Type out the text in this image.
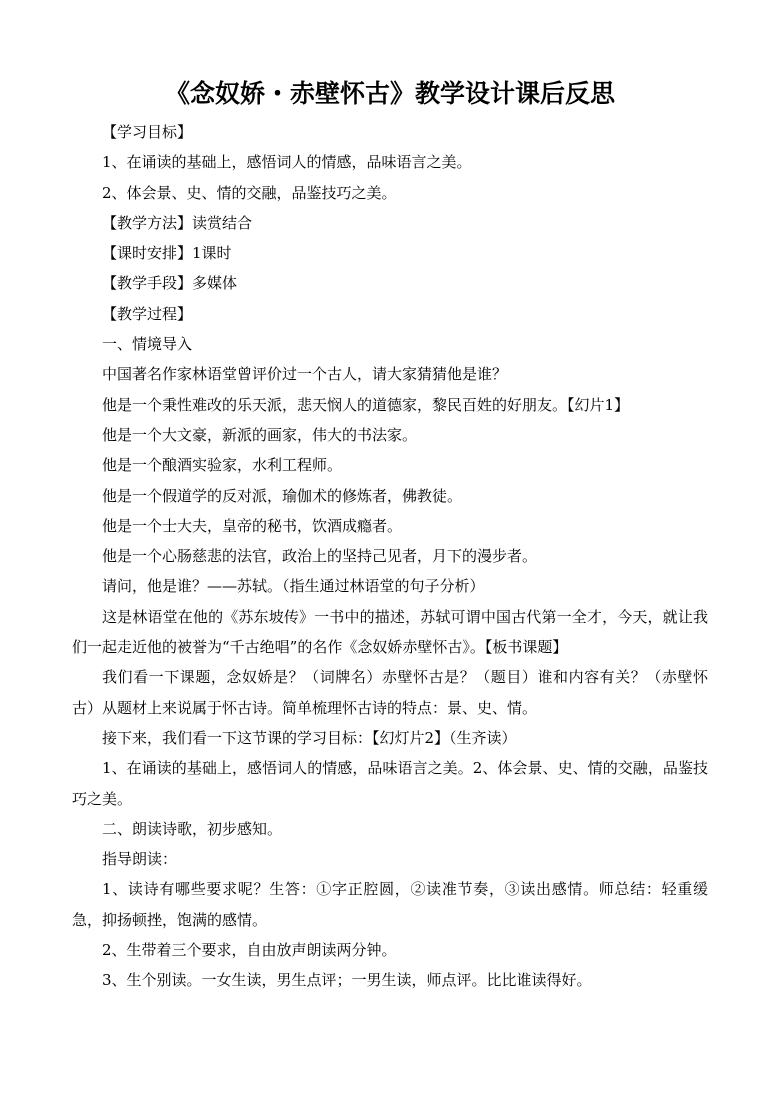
《念奴娇・赤壁怀古》教学设计课后反思

【学习目标】

1、在诵读的基础上，感悟词人的情感，品味语言之美。

2、体会景、史、情的交融，品鉴技巧之美。

【教学方法】读赏结合

【课时安排】1课时

【教学手段】多媒体

【教学过程】

一、情境导入

中国著名作家林语堂曾评价过一个古人，请大家猜猜他是谁？

他是一个秉性难改的乐天派，悲天悯人的道德家，黎民百姓的好朋友。【幻片1】

他是一个大文豪，新派的画家，伟大的书法家。

他是一个酿酒实验家，水利工程师。

他是一个假道学的反对派，瑜伽术的修炼者，佛教徒。

他是一个士大夫，皇帝的秘书，饮酒成瘾者。

他是一个心肠慈悲的法官，政治上的坚持己见者，月下的漫步者。

请问，他是谁？——苏轼。（指生通过林语堂的句子分析）

这是林语堂在他的《苏东坡传》一书中的描述，苏轼可谓中国古代第一全才，今天，就让我们一起走近他的被誉为“千古绝唱”的名作《念奴娇赤壁怀古》。【板书课题】

我们看一下课题，念奴娇是？（词牌名）赤壁怀古是？（题目）谁和内容有关？（赤壁怀古）从题材上来说属于怀古诗。简单梳理怀古诗的特点：景、史、情。

接下来，我们看一下这节课的学习目标：【幻灯片2】（生齐读）

1、在诵读的基础上，感悟词人的情感，品味语言之美。2、体会景、史、情的交融，品鉴技巧之美。

二、朗读诗歌，初步感知。

指导朗读：

1、读诗有哪些要求呢？生答：①字正腔圆，②读准节奏，③读出感情。师总结：轻重缓急，抑扬顿挫，饱满的感情。

2、生带着三个要求，自由放声朗读两分钟。

3、生个别读。一女生读，男生点评；一男生读，师点评。比比谁读得好。
